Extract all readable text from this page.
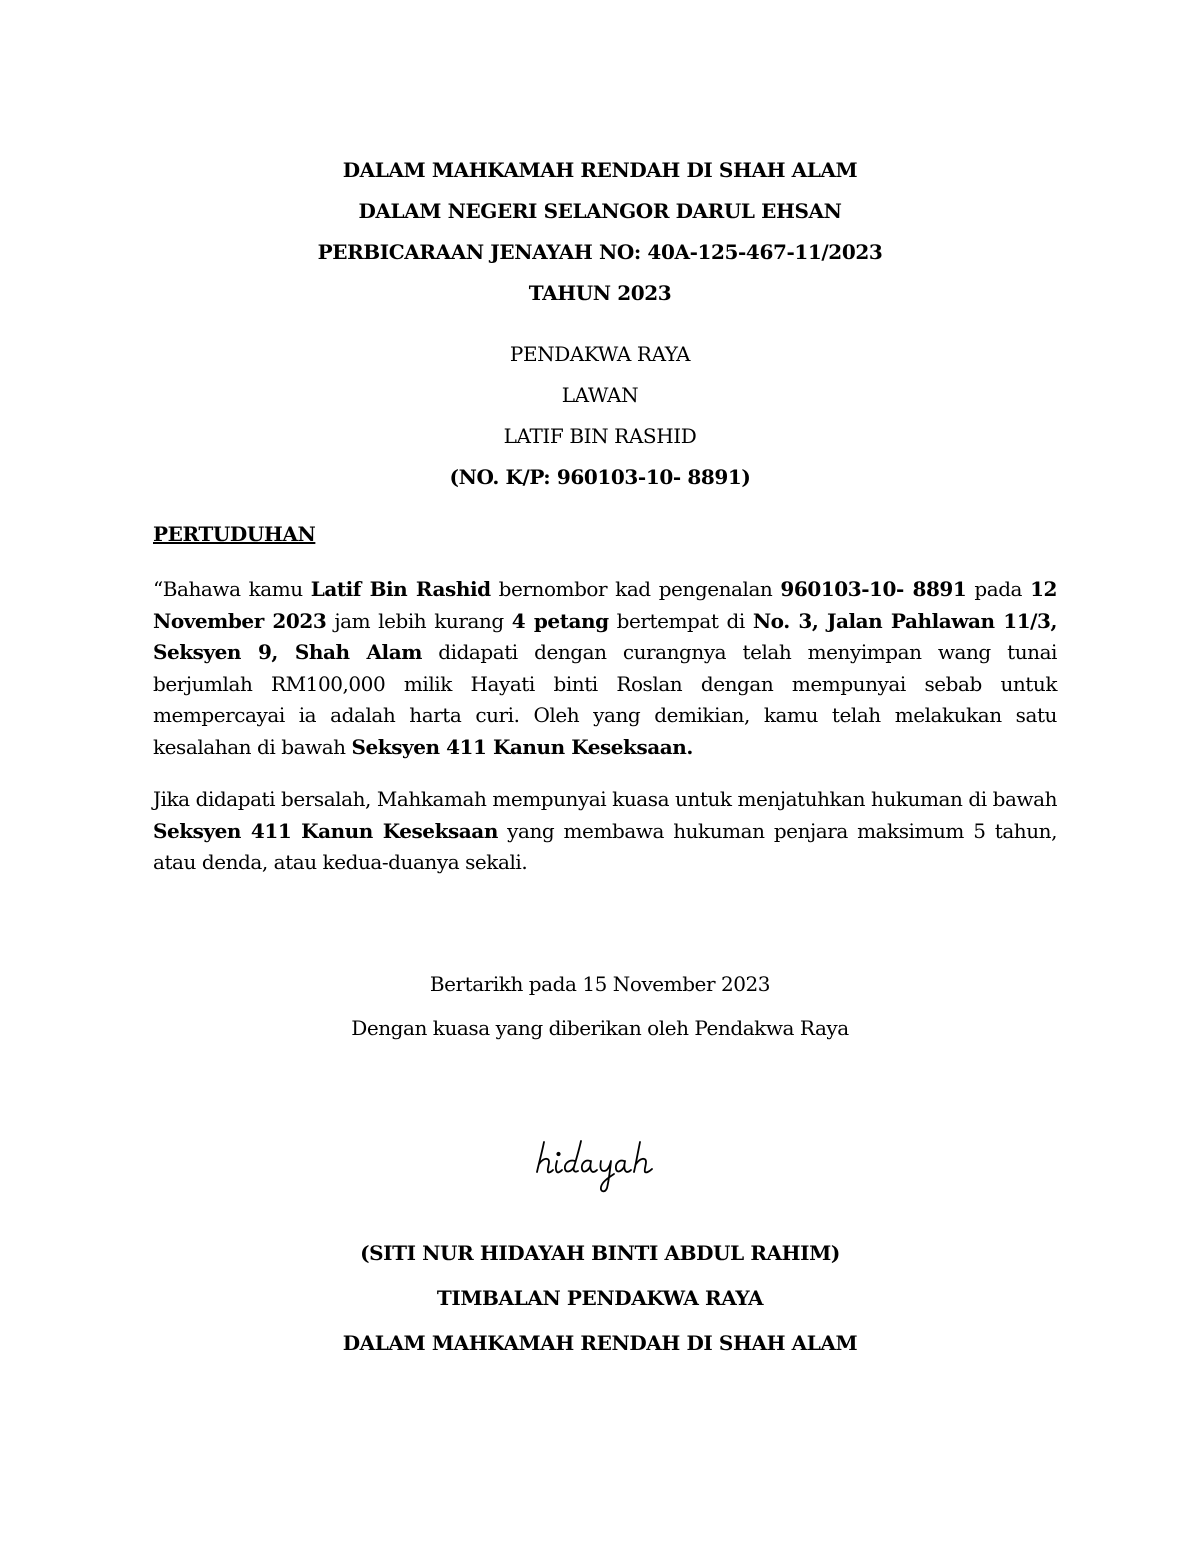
DALAM MAHKAMAH RENDAH DI SHAH ALAM
DALAM NEGERI SELANGOR DARUL EHSAN
PERBICARAAN JENAYAH NO: 40A-125-467-11/2023
TAHUN 2023
PENDAKWA RAYA
LAWAN
LATIF BIN RASHID
(NO. K/P: 960103-10- 8891)
PERTUDUHAN
“Bahawa kamu Latif Bin Rashid bernombor kad pengenalan 960103-10- 8891 pada 12 November 2023 jam lebih kurang 4 petang bertempat di No. 3, Jalan Pahlawan 11/3, Seksyen 9, Shah Alam didapati dengan curangnya telah menyimpan wang tunai berjumlah RM100,000 milik Hayati binti Roslan dengan mempunyai sebab untuk mempercayai ia adalah harta curi. Oleh yang demikian, kamu telah melakukan satu kesalahan di bawah Seksyen 411 Kanun Keseksaan.
Jika didapati bersalah, Mahkamah mempunyai kuasa untuk menjatuhkan hukuman di bawah Seksyen 411 Kanun Keseksaan yang membawa hukuman penjara maksimum 5 tahun, atau denda, atau kedua-duanya sekali.
Bertarikh pada 15 November 2023
Dengan kuasa yang diberikan oleh Pendakwa Raya
(SITI NUR HIDAYAH BINTI ABDUL RAHIM)
TIMBALAN PENDAKWA RAYA
DALAM MAHKAMAH RENDAH DI SHAH ALAM
